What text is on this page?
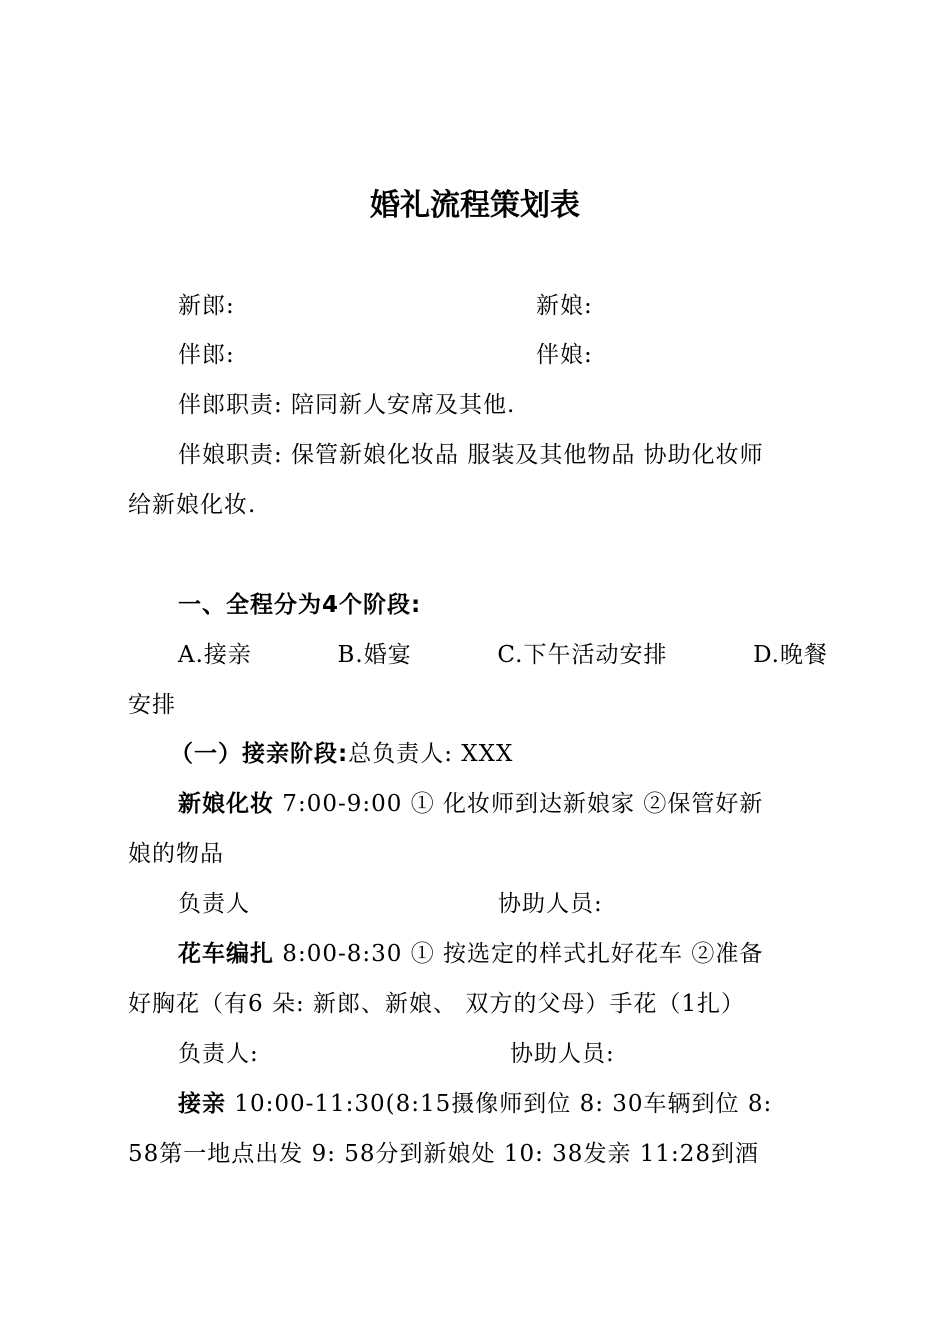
婚礼流程策划表
新郎:	新娘:
伴郎:	伴娘:
伴郎职责: 陪同新人安席及其他.
伴娘职责: 保管新娘化妆品 服装及其他物品 协助化妆师
给新娘化妆.
一、全程分为4个阶段:
A.接亲	B.婚宴	C.下午活动安排	D.晚餐
安排
（一）接亲阶段:总负责人: XXX
新娘化妆 7:00-9:00 ① 化妆师到达新娘家 ②保管好新
娘的物品
负责人	协助人员:
花车编扎 8:00-8:30 ① 按选定的样式扎好花车 ②准备
好胸花（有6 朵: 新郎、新娘、 双方的父母）手花（1扎）
负责人:	协助人员:
接亲 10:00-11:30(8:15摄像师到位 8: 30车辆到位 8:
58第一地点出发 9: 58分到新娘处 10: 38发亲 11:28到酒
